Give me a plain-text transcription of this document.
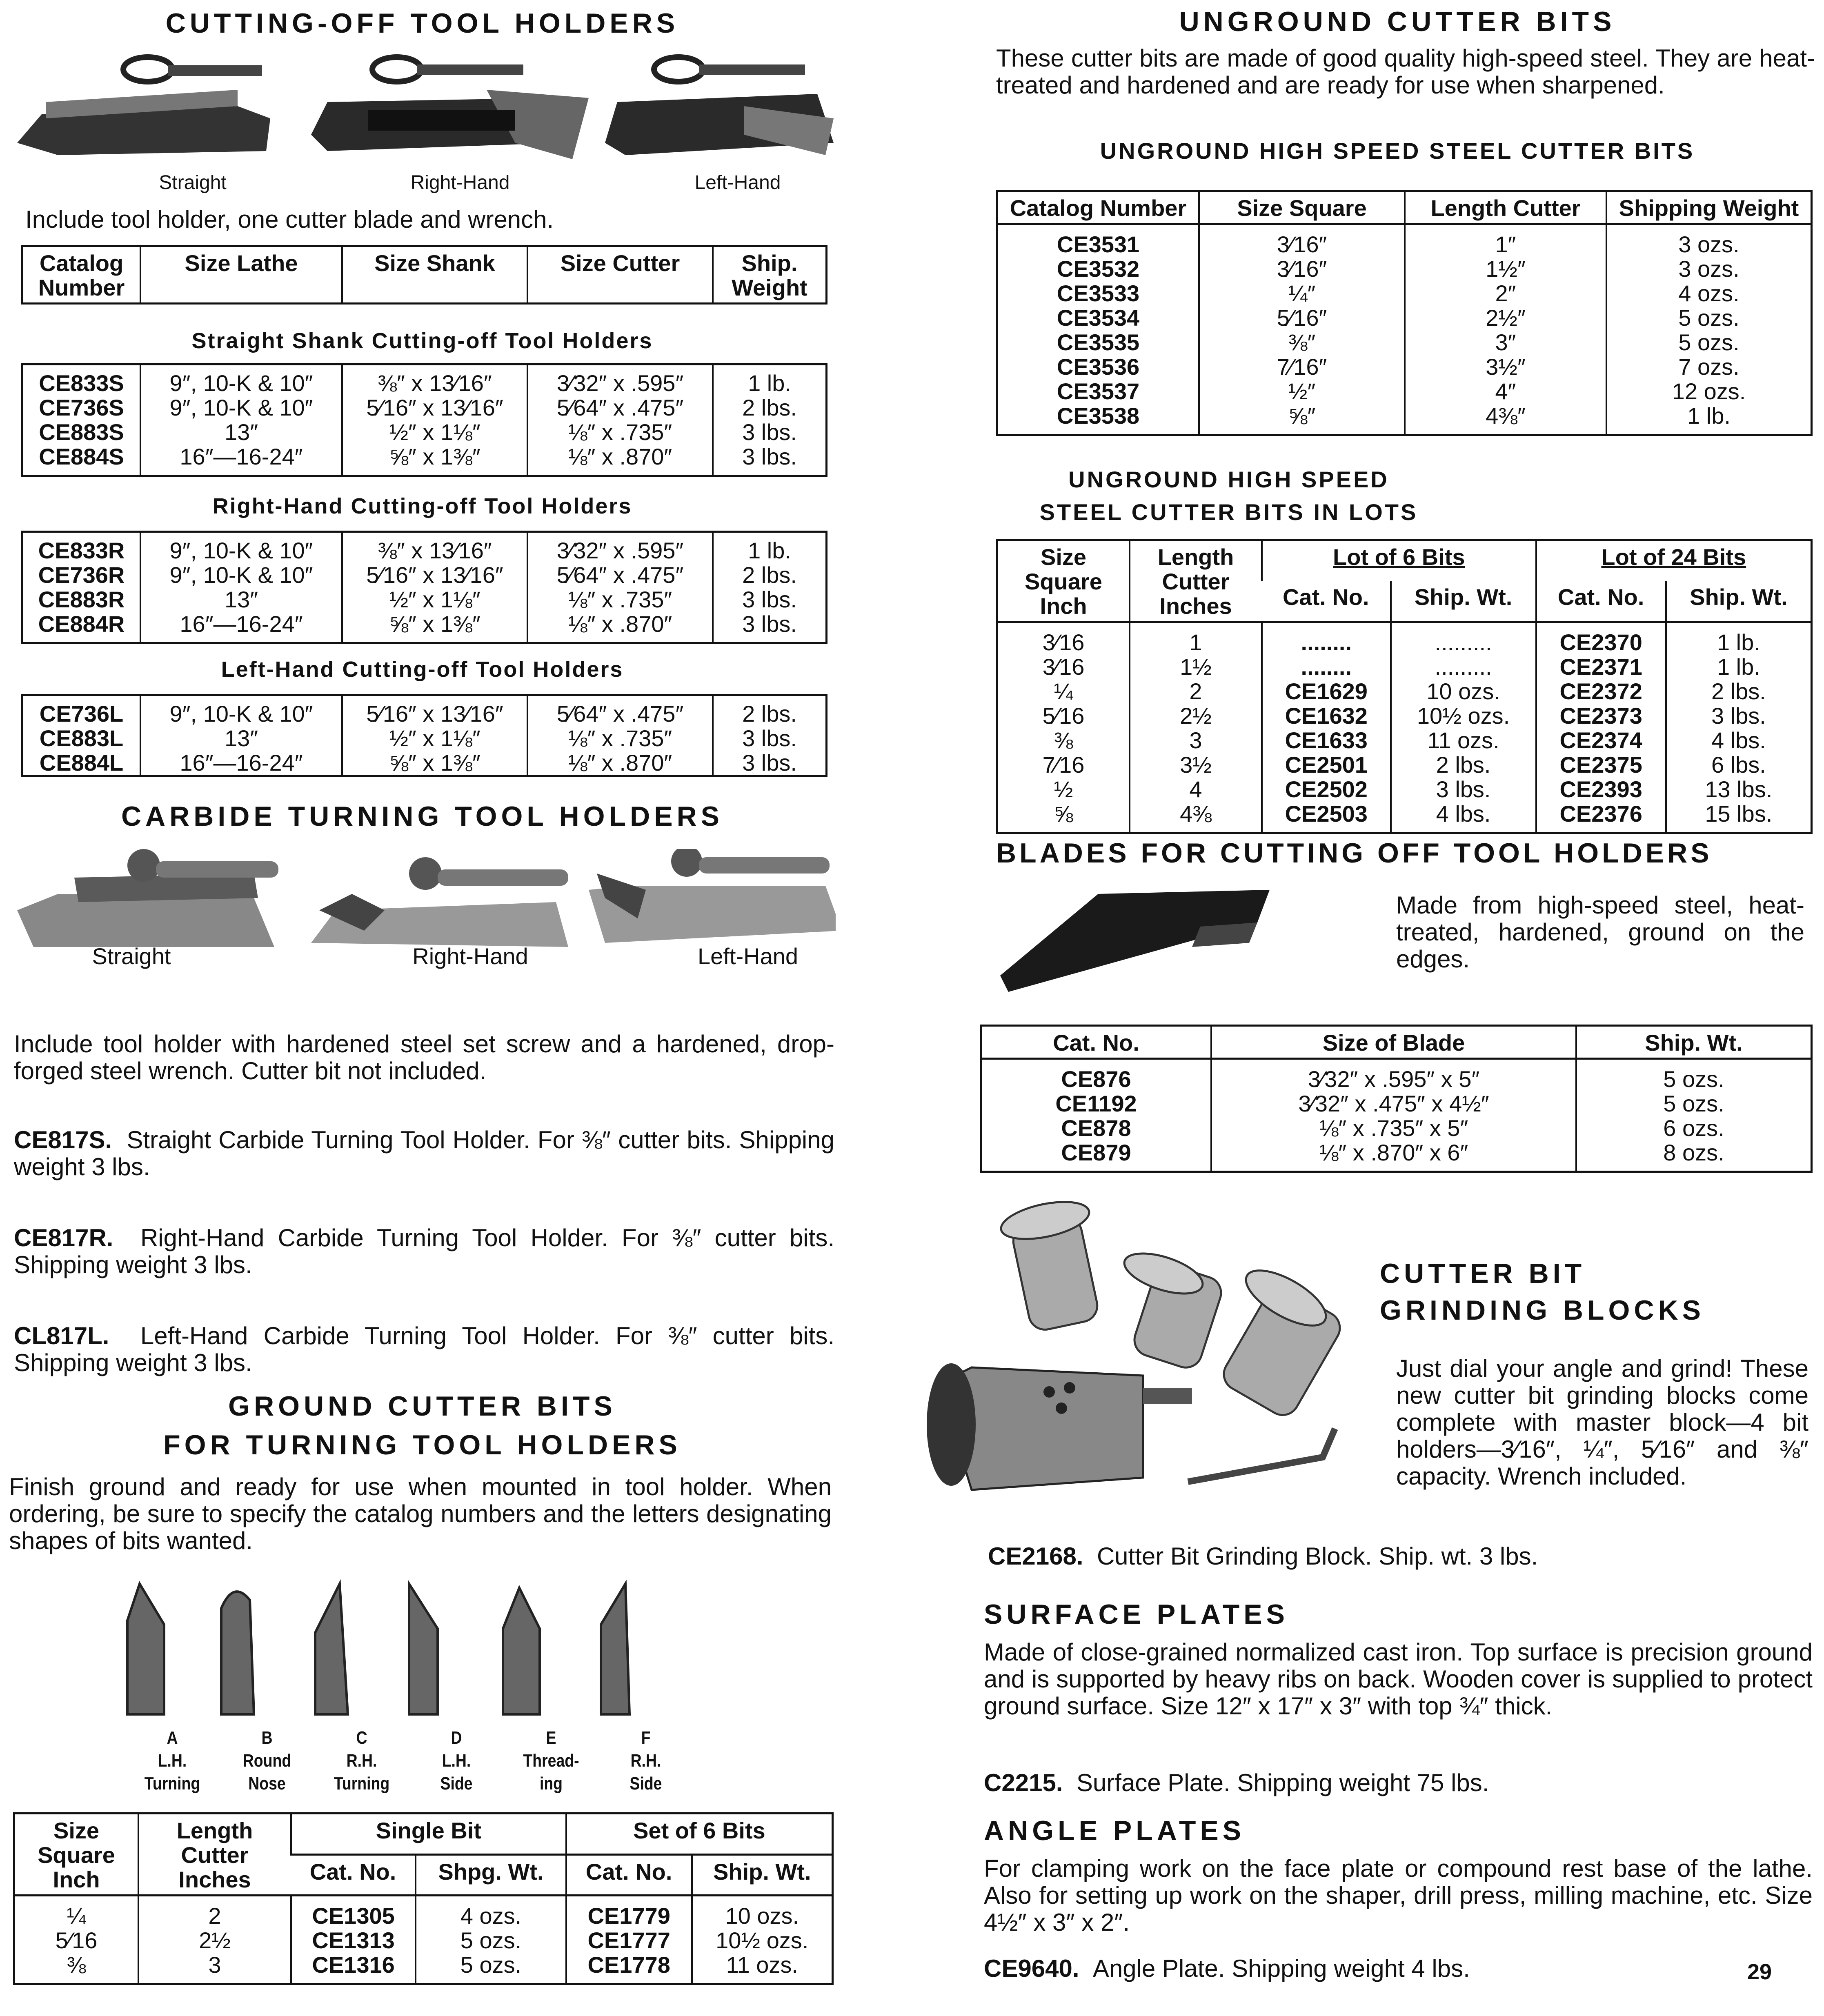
CUTTING-OFF TOOL HOLDERS
Straight	Right-Hand	Left-Hand

Include tool holder, one cutter blade and wrench.

Catalog Number	Size Lathe	Size Shank	Size Cutter	Ship. Weight
Straight Shank Cutting-off Tool Holders
CE833S	9″, 10-K & 10″	⅜″ x 13⁄16″	3⁄32″ x .595″	1 lb.
CE736S	9″, 10-K & 10″	5⁄16″ x 13⁄16″	5⁄64″ x .475″	2 lbs.
CE883S	13″	½″ x 1⅛″	⅛″ x .735″	3 lbs.
CE884S	16″—16-24″	⅝″ x 1⅜″	⅛″ x .870″	3 lbs.
Right-Hand Cutting-off Tool Holders
CE833R	9″, 10-K & 10″	⅜″ x 13⁄16″	3⁄32″ x .595″	1 lb.
CE736R	9″, 10-K & 10″	5⁄16″ x 13⁄16″	5⁄64″ x .475″	2 lbs.
CE883R	13″	½″ x 1⅛″	⅛″ x .735″	3 lbs.
CE884R	16″—16-24″	⅝″ x 1⅜″	⅛″ x .870″	3 lbs.
Left-Hand Cutting-off Tool Holders
CE736L	9″, 10-K & 10″	5⁄16″ x 13⁄16″	5⁄64″ x .475″	2 lbs.
CE883L	13″	½″ x 1⅛″	⅛″ x .735″	3 lbs.
CE884L	16″—16-24″	⅝″ x 1⅜″	⅛″ x .870″	3 lbs.
CARBIDE TURNING TOOL HOLDERS
Straight	Right-Hand	Left-Hand

Include tool holder with hardened steel set screw and a hardened, drop-forged steel wrench. Cutter bit not included.

CE817S. Straight Carbide Turning Tool Holder. For ⅜″ cutter bits. Shipping weight 3 lbs.

CE817R. Right-Hand Carbide Turning Tool Holder. For ⅜″ cutter bits. Shipping weight 3 lbs.

CL817L. Left-Hand Carbide Turning Tool Holder. For ⅜″ cutter bits. Shipping weight 3 lbs.

GROUND CUTTER BITS
FOR TURNING TOOL HOLDERS

Finish ground and ready for use when mounted in tool holder. When ordering, be sure to specify the catalog numbers and the letters designating shapes of bits wanted.

A
L.H.
Turning
B
Round
Nose
C
R.H.
Turning
D
L.H.
Side
E
Thread-
ing
F
R.H.
Side
Size Square Inch	Length Cutter Inches	Single Bit		Set of 6 Bits	
		Cat. No.	Shpg. Wt.	Cat. No.	Ship. Wt.
¼	2	CE1305	4 ozs.	CE1779	10 ozs.
5⁄16	2½	CE1313	5 ozs.	CE1777	10½ ozs.
⅜	3	CE1316	5 ozs.	CE1778	11 ozs.
UNGROUND CUTTER BITS

These cutter bits are made of good quality high-speed steel. They are heat-treated and hardened and are ready for use when sharpened.

UNGROUND HIGH SPEED STEEL CUTTER BITS
Catalog Number	Size Square	Length Cutter	Shipping Weight
CE3531	3⁄16″	1″	3 ozs.
CE3532	3⁄16″	1½″	3 ozs.
CE3533	¼″	2″	4 ozs.
CE3534	5⁄16″	2½″	5 ozs.
CE3535	⅜″	3″	5 ozs.
CE3536	7⁄16″	3½″	7 ozs.
CE3537	½″	4″	12 ozs.
CE3538	⅝″	4⅜″	1 lb.
UNGROUND HIGH SPEED
STEEL CUTTER BITS IN LOTS
Size Square Inch	Length Cutter Inches	Lot of 6 Bits		Lot of 24 Bits	
		Cat. No.	Ship. Wt.	Cat. No.	Ship. Wt.
3⁄16	1	........	.........	CE2370	1 lb.
3⁄16	1½	........	.........	CE2371	1 lb.
¼	2	CE1629	10 ozs.	CE2372	2 lbs.
5⁄16	2½	CE1632	10½ ozs.	CE2373	3 lbs.
⅜	3	CE1633	11 ozs.	CE2374	4 lbs.
7⁄16	3½	CE2501	2 lbs.	CE2375	6 lbs.
½	4	CE2502	3 lbs.	CE2393	13 lbs.
⅝	4⅜	CE2503	4 lbs.	CE2376	15 lbs.
BLADES FOR CUTTING OFF TOOL HOLDERS

Made from high-speed steel, heat-treated, hardened, ground on the edges.

Cat. No.	Size of Blade	Ship. Wt.
CE876	3⁄32″ x .595″ x 5″	5 ozs.
CE1192	3⁄32″ x .475″ x 4½″	5 ozs.
CE878	⅛″ x .735″ x 5″	6 ozs.
CE879	⅛″ x .870″ x 6″	8 ozs.
CUTTER BIT
GRINDING BLOCKS

Just dial your angle and grind! These new cutter bit grinding blocks come complete with master block—4 bit holders—3⁄16″, ¼″, 5⁄16″ and ⅜″ capacity. Wrench included.

CE2168. Cutter Bit Grinding Block. Ship. wt. 3 lbs.

SURFACE PLATES

Made of close-grained normalized cast iron. Top surface is precision ground and is supported by heavy ribs on back. Wooden cover is supplied to protect ground surface. Size 12″ x 17″ x 3″ with top ¾″ thick.

C2215. Surface Plate. Shipping weight 75 lbs.

ANGLE PLATES

For clamping work on the face plate or compound rest base of the lathe. Also for setting up work on the shaper, drill press, milling machine, etc. Size 4½″ x 3″ x 2″.

CE9640. Angle Plate. Shipping weight 4 lbs.	29
